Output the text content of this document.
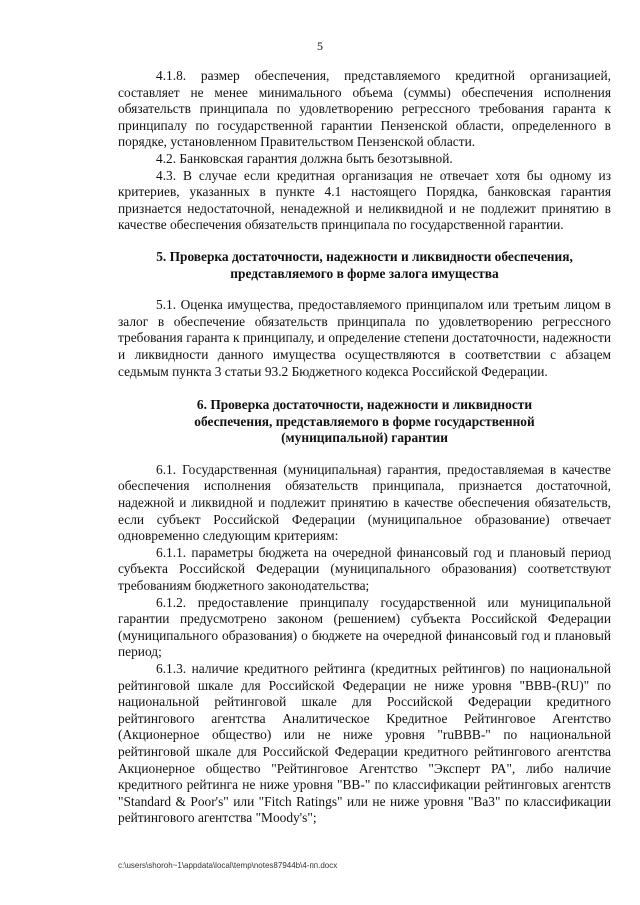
5

4.1.8. размер обеспечения, представляемого кредитной организацией, составляет не менее минимального объема (суммы) обеспечения исполнения обязательств принципала по удовлетворению регрессного требования гаранта к принципалу по государственной гарантии Пензенской области, определенного в порядке, установленном Правительством Пензенской области.

4.2. Банковская гарантия должна быть безотзывной.

4.3. В случае если кредитная организация не отвечает хотя бы одному из критериев, указанных в пункте 4.1 настоящего Порядка, банковская гарантия признается недостаточной, ненадежной и неликвидной и не подлежит принятию в качестве обеспечения обязательств принципала по государственной гарантии.

5. Проверка достаточности, надежности и ликвидности обеспечения,
представляемого в форме залога имущества

5.1. Оценка имущества, предоставляемого принципалом или третьим лицом в залог в обеспечение обязательств принципала по удовлетворению регрессного требования гаранта к принципалу, и определение степени достаточности, надежности и ликвидности данного имущества осуществляются в соответствии с абзацем седьмым пункта 3 статьи 93.2 Бюджетного кодекса Российской Федерации.

6. Проверка достаточности, надежности и ликвидности
обеспечения, представляемого в форме государственной
(муниципальной) гарантии

6.1. Государственная (муниципальная) гарантия, предоставляемая в качестве обеспечения исполнения обязательств принципала, признается достаточной, надежной и ликвидной и подлежит принятию в качестве обеспечения обязательств, если субъект Российской Федерации (муниципальное образование) отвечает одновременно следующим критериям:

6.1.1. параметры бюджета на очередной финансовый год и плановый период субъекта Российской Федерации (муниципального образования) соответствуют требованиям бюджетного законодательства;

6.1.2. предоставление принципалу государственной или муниципальной гарантии предусмотрено законом (решением) субъекта Российской Федерации (муниципального образования) о бюджете на очередной финансовый год и плановый период;

6.1.3. наличие кредитного рейтинга (кредитных рейтингов) по национальной рейтинговой шкале для Российской Федерации не ниже уровня "ВВВ-(RU)" по национальной рейтинговой шкале для Российской Федерации кредитного рейтингового агентства Аналитическое Кредитное Рейтинговое Агентство (Акционерное общество) или не ниже уровня "ruBBB-" по национальной рейтинговой шкале для Российской Федерации кредитного рейтингового агентства Акционерное общество "Рейтинговое Агентство "Эксперт РА", либо наличие кредитного рейтинга не ниже уровня "ВВ-" по классификации рейтинговых агентств "Standard & Poor's" или "Fitch Ratings" или не ниже уровня "Ba3" по классификации рейтингового агентства "Moody's";

c:\users\shoroh~1\appdata\local\temp\notes87944b\4-пп.docx
